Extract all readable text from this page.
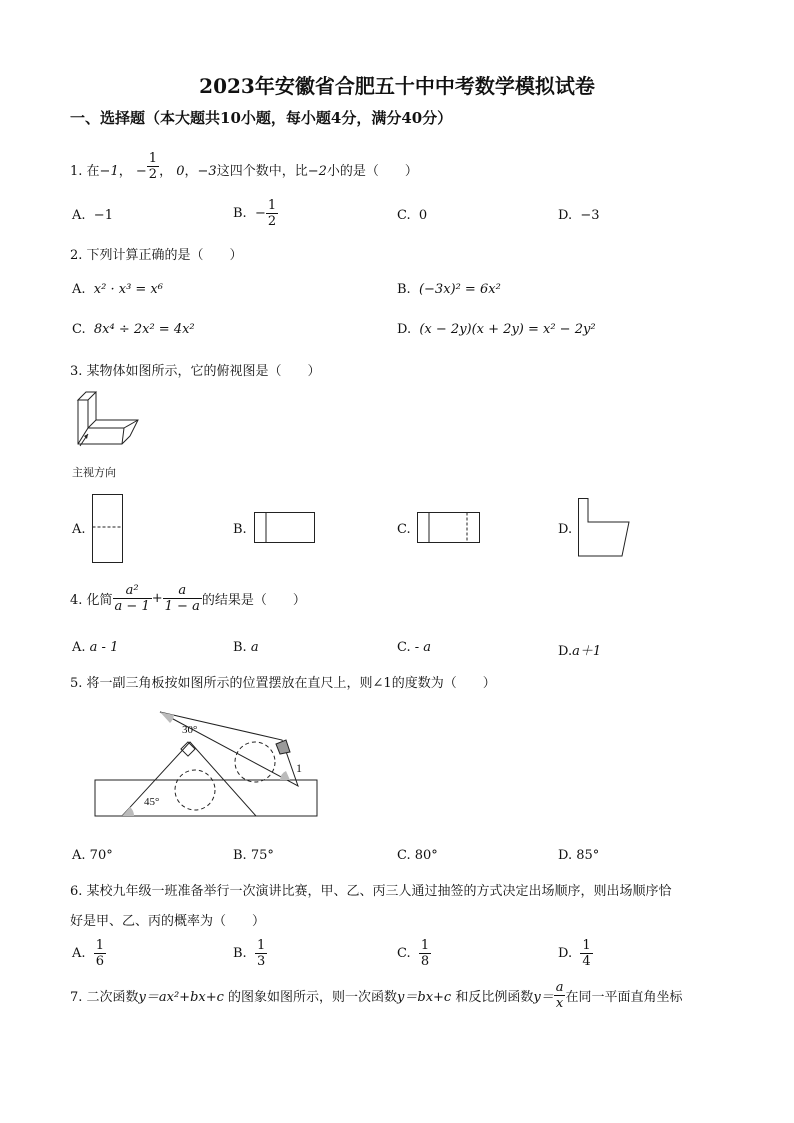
2023年安徽省合肥五十中中考数学模拟试卷
一、选择题（本大题共10小题，每小题4分，满分40分）
1. 在−1， − $\frac{1}{2}$ ， 0，−3这四个数中，比−2小的是（　　）
A. −1	B. − $\frac{1}{2}$	C. 0	D. −3
2. 下列计算正确的是（　　）
A. x² · x³ = x⁶	B. (−3x)² = 6x²
C. 8x⁴ ÷ 2x² = 4x²	D. (x − 2y)(x + 2y) = x² − 2y²
3. 某物体如图所示，它的俯视图是（　　）
主视方向
A.	B.	C.	D.
4. 化简 $\frac{\text{a²}}{a - 1} + \frac{a}{1 - a}$ 的结果是（　　）
A. a - 1	B. a	C. - a	D.a＋1
5. 将一副三角板按如图所示的位置摆放在直尺上，则∠1的度数为（　　）
30°
45°
1
A. 70°	B. 75°	C. 80°	D. 85°
6. 某校九年级一班准备举行一次演讲比赛，甲、乙、丙三人通过抽签的方式决定出场顺序，则出场顺序恰
好是甲、乙、丙的概率为（　　）
A. $\frac{1}{6}$	B. $\frac{1}{3}$	C. $\frac{1}{8}$	D. $\frac{1}{4}$
7. 二次函数y＝ax²+bx+c 的图象如图所示，则一次函数y＝bx+c 和反比例函数$y= \frac{a}{x}$ 在同一平面直角坐标
